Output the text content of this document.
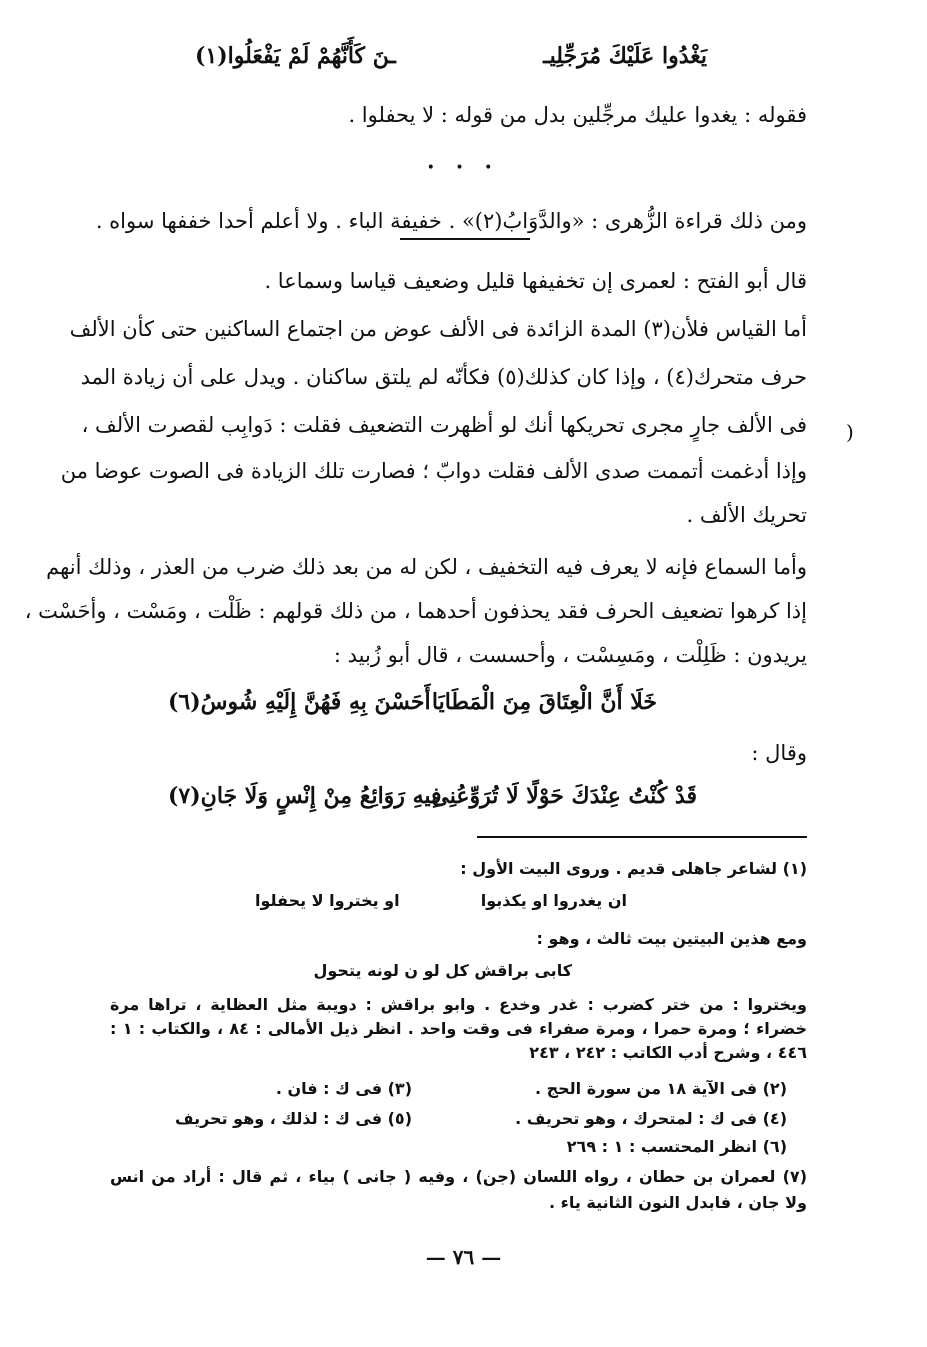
يَغْدُوا عَلَيْكَ مُرَجِّلِيـ
ـنَ كَأَنَّهُمْ لَمْ يَفْعَلُوا(١)
فقوله : يغدوا عليك مرجِّلين بدل من قوله : لا يحفلوا .
• • •
ومن ذلك قراءة الزُّهرى : «والدَّوَابُ(٢)» . خفيفة الباء . ولا أعلم أحدا خففها سواه .
قال أبو الفتح : لعمرى إن تخفيفها قليل وضعيف قياسا وسماعا .
أما القياس فلأن(٣) المدة الزائدة فى الألف عوض من اجتماع الساكنين حتى كأن الألف
حرف متحرك(٤) ، وإذا كان كذلك(٥) فكأنّه لم يلتق ساكنان . ويدل على أن زيادة المد
فى الألف جارٍ مجرى تحريكها أنك لو أظهرت التضعيف فقلت : دَوابِب لقصرت الألف ،
وإذا أدغمت أتممت صدى الألف فقلت دوابّ ؛ فصارت تلك الزيادة فى الصوت عوضا من
تحريك الألف .
وأما السماع فإنه لا يعرف فيه التخفيف ، لكن له من بعد ذلك ضرب من العذر ، وذلك أنهم
إذا كرهوا تضعيف الحرف فقد يحذفون أحدهما ، من ذلك قولهم : ظَلْت ، ومَسْت ، وأحَسْت ،
يريدون : ظَلِلْت ، ومَسِسْت ، وأحسست ، قال أبو زُبيد :
خَلَا أَنَّ الْعِتَاقَ مِنَ الْمَطَايَا
أَحَسْنَ بِهِ فَهُنَّ إِلَيْهِ شُوسُ(٦)
وقال :
قَدْ كُنْتُ عِنْدَكَ حَوْلًا لَا تُرَوِّعُنِى
فِيهِ رَوَائِعُ مِنْ إِنْسٍ وَلَا جَانِ(٧)
(١) لشاعر جاهلى قديم . وروى البيت الأول :
ان يغدروا او يكذبوا
او يختروا لا يحفلوا
ومع هذين البيتين بيت ثالث ، وهو :
كابى براقش كل لو ن لونه يتحول
ويختروا : من ختر كضرب : غدر وخدع . وابو براقش : دويبة مثل العظاية ، تراها مرة
خضراء ؛ ومرة حمرا ، ومرة صفراء فى وقت واحد . انظر ذيل الأمالى : ٨٤ ، والكتاب : ١ :
٤٤٦ ، وشرح أدب الكاتب : ٢٤٢ ، ٢٤٣
(٢) فى الآية ١٨ من سورة الحج .
(٣) فى ك : فان .
(٤) فى ك : لمتحرك ، وهو تحريف .
(٥) فى ك : لذلك ، وهو تحريف
(٦) انظر المحتسب : ١ : ٢٦٩
(٧) لعمران بن حطان ، رواه اللسان (جن) ، وفيه ( جانى ) بياء ، ثم قال : أراد من انس
ولا جان ، فابدل النون الثانية ياء .
— ٧٦ —
(
